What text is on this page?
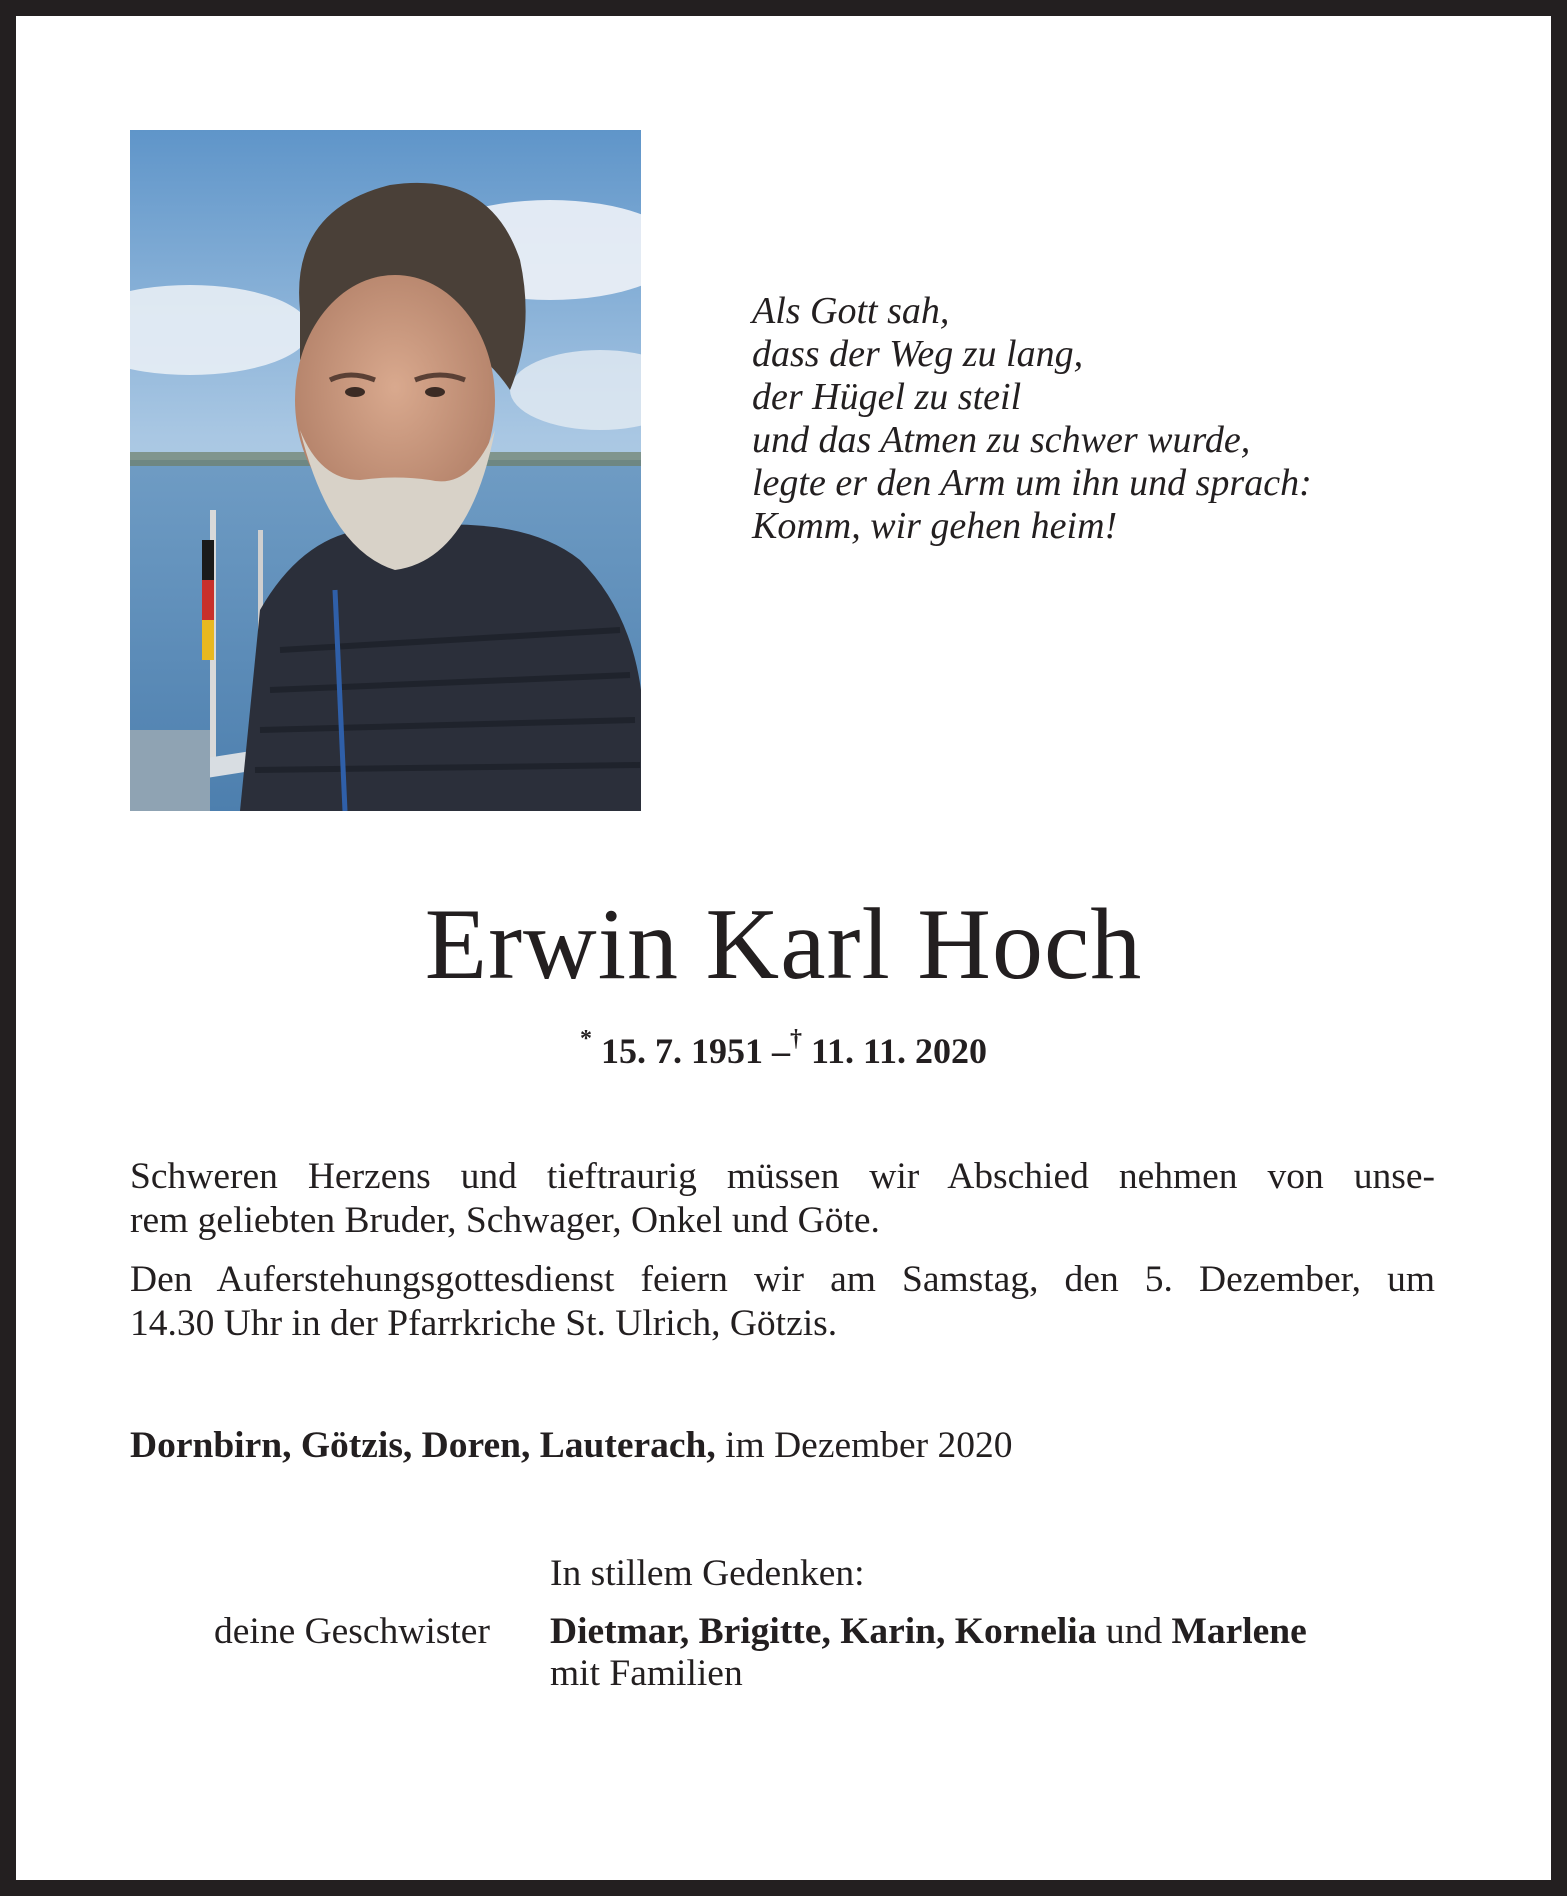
Als Gott sah,
dass der Weg zu lang,
der Hügel zu steil
und das Atmen zu schwer wurde,
legte er den Arm um ihn und sprach:
Komm, wir gehen heim!
Erwin Karl Hoch
* 15. 7. 1951 –† 11. 11. 2020
Schweren Herzens und tieftraurig müssen wir Abschied nehmen von unse-
rem geliebten Bruder, Schwager, Onkel und Göte.
Den Auferstehungsgottesdienst feiern wir am Samstag, den 5. Dezember, um
14.30 Uhr in der Pfarrkriche St. Ulrich, Götzis.
Dornbirn, Götzis, Doren, Lauterach, im Dezember 2020
In stillem Gedenken:
deine Geschwister Dietmar, Brigitte, Karin, Kornelia und Marlene
mit Familien
